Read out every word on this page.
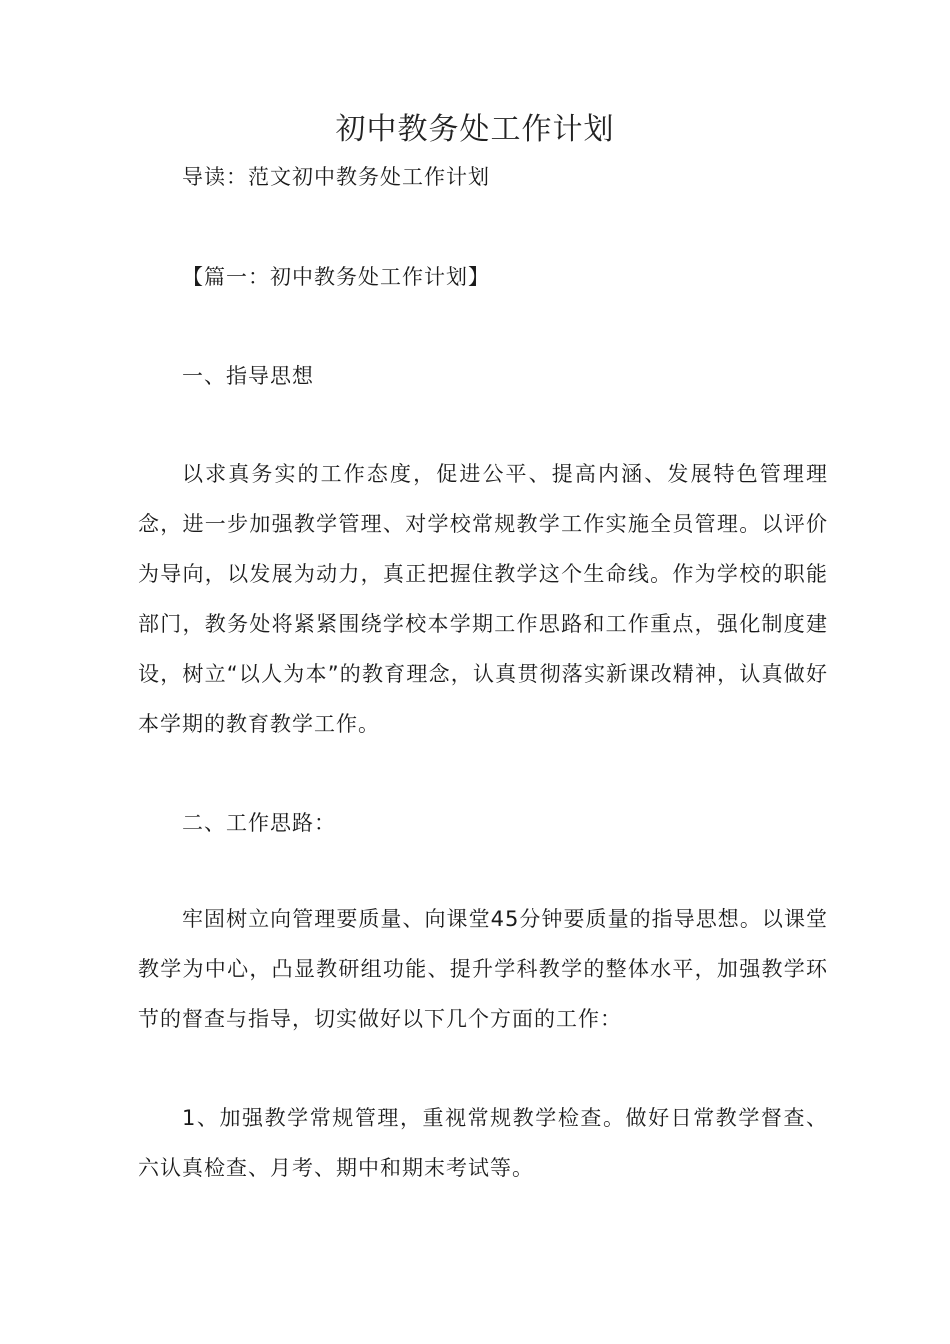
初中教务处工作计划
导读：范文初中教务处工作计划
【篇一：初中教务处工作计划】
一、指导思想

以求真务实的工作态度，促进公平、提高内涵、发展特色管理理念，进一步加强教学管理、对学校常规教学工作实施全员管理。以评价为导向，以发展为动力，真正把握住教学这个生命线。作为学校的职能部门，教务处将紧紧围绕学校本学期工作思路和工作重点，强化制度建设，树立“以人为本”的教育理念，认真贯彻落实新课改精神，认真做好本学期的教育教学工作。

二、工作思路：

牢固树立向管理要质量、向课堂45分钟要质量的指导思想。以课堂教学为中心，凸显教研组功能、提升学科教学的整体水平，加强教学环节的督查与指导，切实做好以下几个方面的工作：

1、加强教学常规管理，重视常规教学检查。做好日常教学督查、六认真检查、月考、期中和期末考试等。
